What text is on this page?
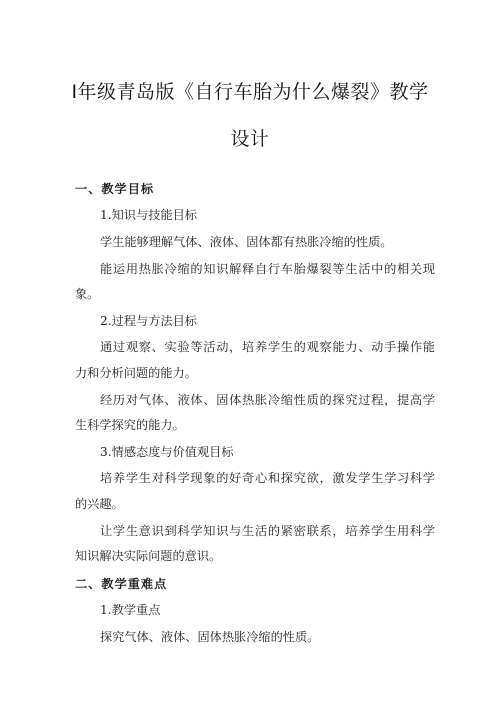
Ⅰ年级青岛版《自行车胎为什么爆裂》教学
设计
一、教学目标
1.知识与技能目标
学生能够理解气体、液体、固体都有热胀冷缩的性质。
能运用热胀冷缩的知识解释自行车胎爆裂等生活中的相关现
象。
2.过程与方法目标
通过观察、实验等活动，培养学生的观察能力、动手操作能
力和分析问题的能力。
经历对气体、液体、固体热胀冷缩性质的探究过程，提高学
生科学探究的能力。
3.情感态度与价值观目标
培养学生对科学现象的好奇心和探究欲，激发学生学习科学
的兴趣。
让学生意识到科学知识与生活的紧密联系，培养学生用科学
知识解决实际问题的意识。
二、教学重难点
1.教学重点
探究气体、液体、固体热胀冷缩的性质。
